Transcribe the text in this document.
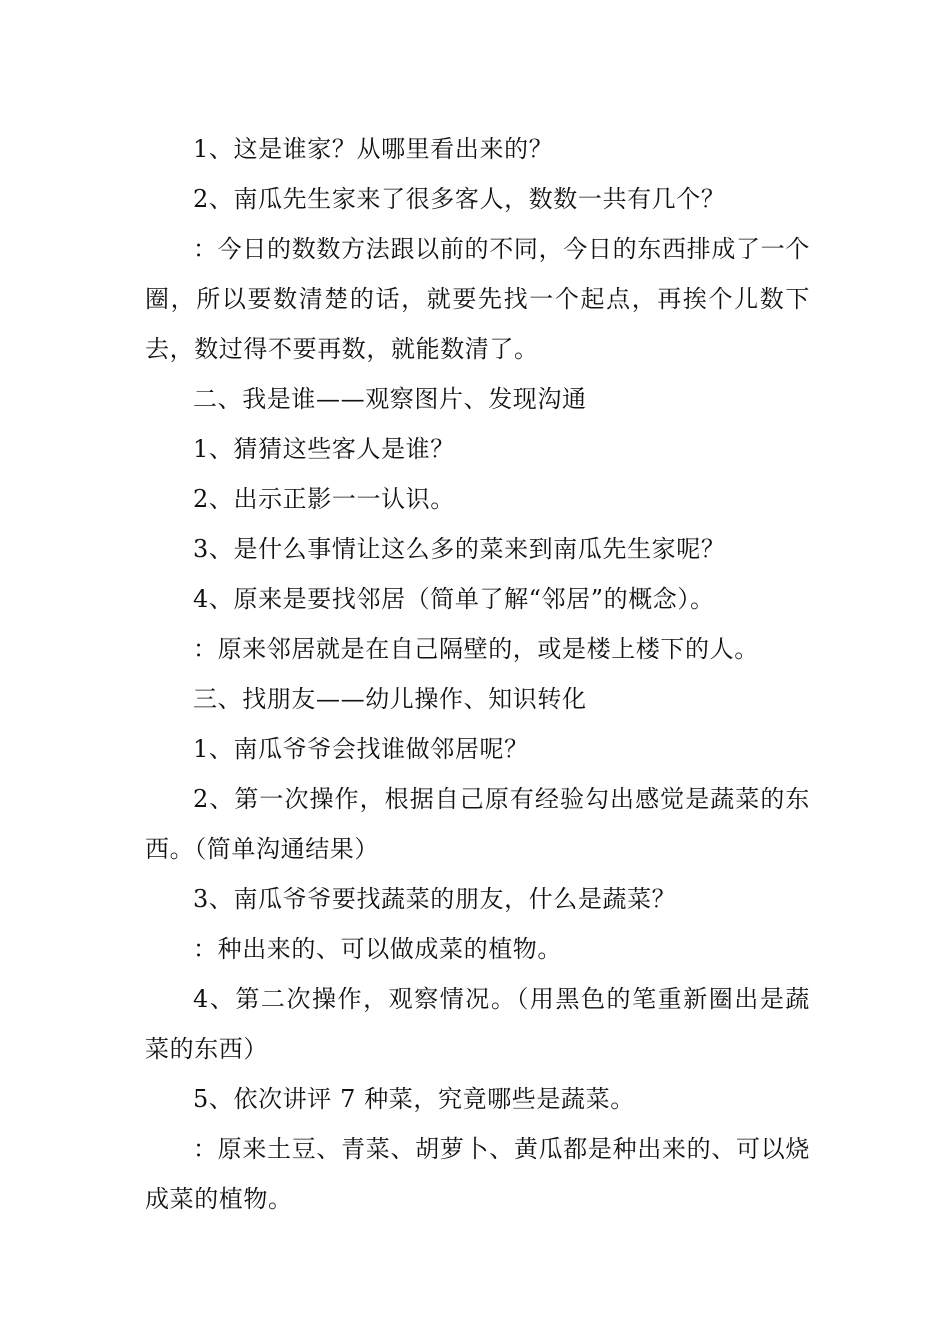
1、这是谁家？从哪里看出来的？

2、南瓜先生家来了很多客人，数数一共有几个？

：今日的数数方法跟以前的不同，今日的东西排成了一个圈，所以要数清楚的话，就要先找一个起点，再挨个儿数下去，数过得不要再数，就能数清了。

二、我是谁——观察图片、发现沟通

1、猜猜这些客人是谁？

2、出示正影一一认识。

3、是什么事情让这么多的菜来到南瓜先生家呢？

4、原来是要找邻居（简单了解“邻居”的概念）。

：原来邻居就是在自己隔壁的，或是楼上楼下的人。

三、找朋友——幼儿操作、知识转化

1、南瓜爷爷会找谁做邻居呢？

2、第一次操作，根据自己原有经验勾出感觉是蔬菜的东西。（简单沟通结果）

3、南瓜爷爷要找蔬菜的朋友，什么是蔬菜？

：种出来的、可以做成菜的植物。

4、第二次操作，观察情况。（用黑色的笔重新圈出是蔬菜的东西）

5、依次讲评 7 种菜，究竟哪些是蔬菜。

：原来土豆、青菜、胡萝卜、黄瓜都是种出来的、可以烧成菜的植物。
